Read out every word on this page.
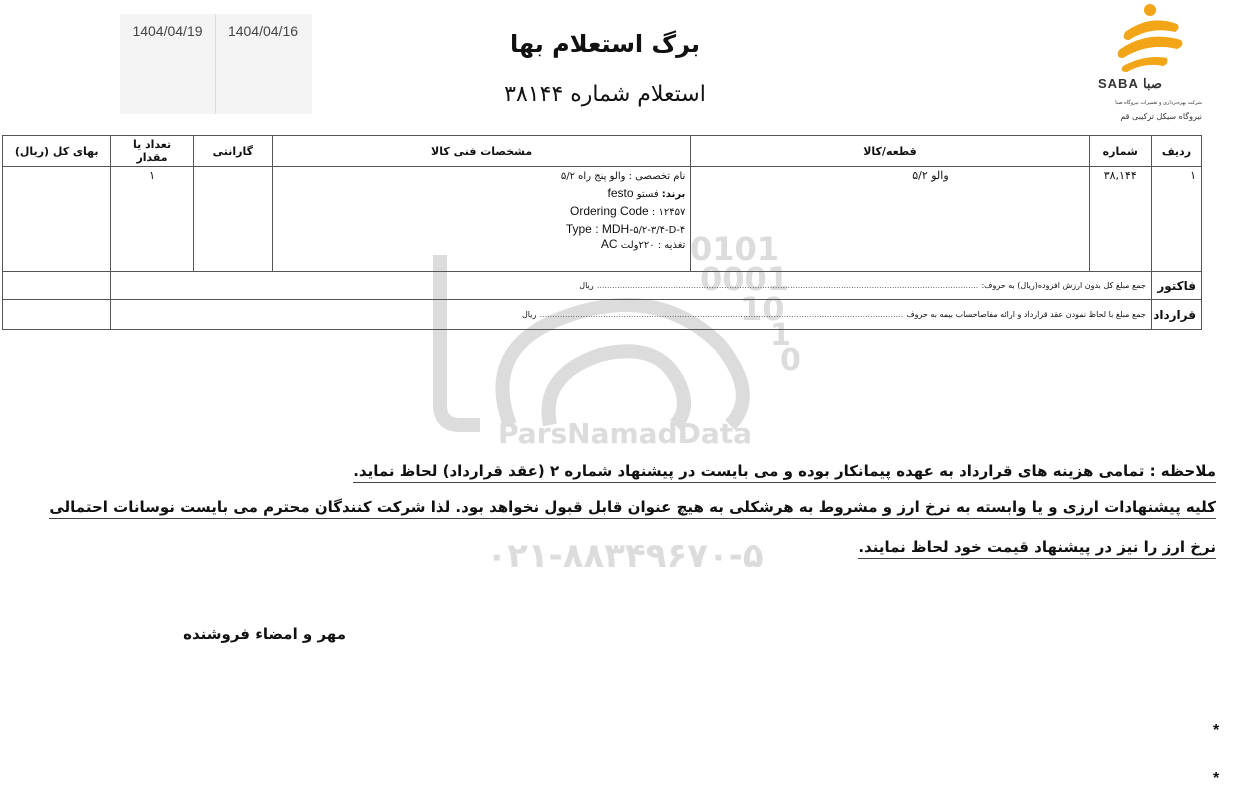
1404/04/19	1404/04/16	برگ استعلام بها
استعلام شماره ۳۸۱۴۴	SABA صبا
شرکت بهره‌برداری و تعمیرات نیروگاه صبا
نیروگاه سیکل ترکیبی قم
0101
0001
10
1
0
ParsNamadData
۰۲۱-۸۸۳۴۹۶۷۰-۵
ردیف	شماره	قطعه/کالا	مشخصات فنی کالا	گارانتی	تعداد یا مقدار	بهای کل (ریال)
۱	۳۸,۱۴۴	والو ۵/۲	نام تخصصی : والو پنج راه ۵/۲
برند: فستو festo
Ordering Code : ۱۲۴۵۷
Type : MDH-۵/۲-۳/۴-D-۴
تغذیه : ۲۲۰ولت AC		۱	
فاکتور	جمع مبلغ کل بدون ارزش افزوده(ریال) به حروف: ...................................................................................................................................................... ریال					
قرارداد	جمع مبلغ با لحاظ نمودن عقد قرارداد و ارائه مفاصاحساب بیمه به حروف ............................................................................................................................................... ریال					
ملاحظه : تمامی هزینه های قرارداد به عهده پیمانکار بوده و می بایست در پیشنهاد شماره ۲ (عقد قرارداد) لحاظ نماید.
کلیه پیشنهادات ارزی و یا وابسته به نرخ ارز و مشروط به هرشکلی به هیچ عنوان قابل قبول نخواهد بود. لذا شرکت کنندگان محترم می بایست نوسانات احتمالی
نرخ ارز را نیز در پیشنهاد قیمت خود لحاظ نمایند.
مهر و امضاء فروشنده
*
*
